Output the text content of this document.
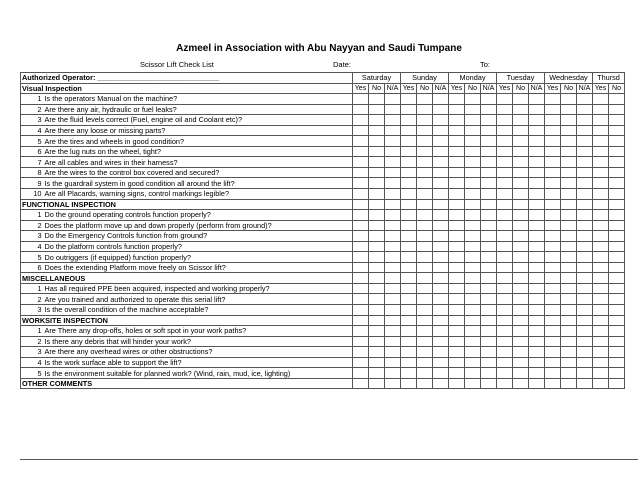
Azmeel in Association with Abu Nayyan and Saudi Tumpane
Scissor Lift Check List	Date:	To:
Authorized Operator: ______________________________		Saturday			Sunday			Monday			Tuesday			Wednesday			Thursd	
Visual Inspection		Yes	No	N/A	Yes	No	N/A	Yes	No	N/A	Yes	No	N/A	Yes	No	N/A	Yes	No
1	Is the operators Manual on the machine?																	
2	Are there any air, hydraulic or fuel leaks?																	
3	Are the fluid levels correct (Fuel, engine oil and Coolant etc)?																	
4	Are there any loose or missing parts?																	
5	Are the tires and wheels in good condition?																	
6	Are the lug nuts on the wheel, tight?																	
7	Are all cables and wires in their harness?																	
8	Are the wires to the control box covered and secured?																	
9	Is the guardrail system in good condition all around the lift?																	
10	Are all Placards, warning signs, control markings legible?																	
FUNCTIONAL INSPECTION																		
1	Do the ground operating controls function properly?																	
2	Does the platform move up and down properly (perform from ground)?																	
3	Do the Emergency Controls function from ground?																	
4	Do the platform controls function properly?																	
5	Do outriggers (if equipped) function properly?																	
6	Does the extending Platform move freely on Scissor lift?																	
MISCELLANEOUS																		
1	Has all required PPE been acquired, inspected and working properly?																	
2	Are you trained and authorized to operate this serial lift?																	
3	Is the overall condition of the machine acceptable?																	
WORKSITE INSPECTION																		
1	Are There any drop-offs, holes or soft spot in your work paths?																	
2	Is there any debris that will hinder your work?																	
3	Are there any overhead wires or other obstructions?																	
4	Is the work surface able to support the lift?																	
5	Is the environment suitable for planned work? (Wind, rain, mud, ice, lighting)																	
OTHER COMMENTS																		
